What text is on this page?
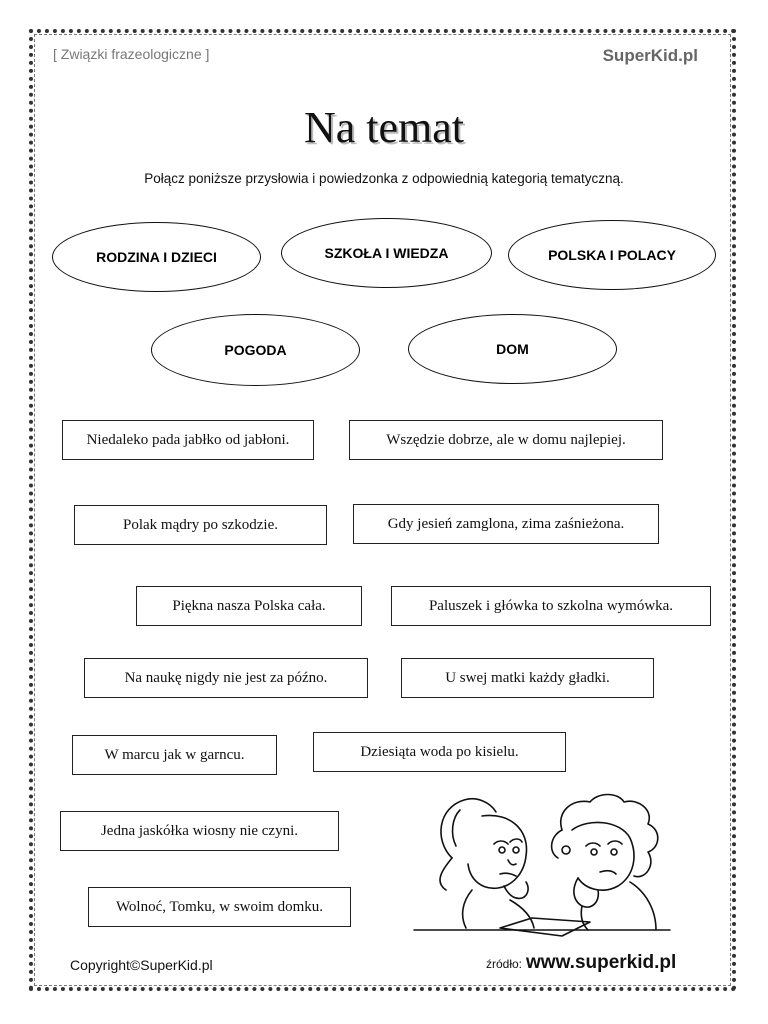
[ Związki frazeologiczne ]	SuperKid.pl
Na temat
Połącz poniższe przysłowia i powiedzonka z odpowiednią kategorią tematyczną.
RODZINA I DZIECI	SZKOŁA I WIEDZA	POLSKA I POLACY
POGODA	DOM
Niedaleko pada jabłko od jabłoni.	Wszędzie dobrze, ale w domu najlepiej.
Polak mądry po szkodzie.	Gdy jesień zamglona, zima zaśnieżona.
Piękna nasza Polska cała.	Paluszek i główka to szkolna wymówka.
Na naukę nigdy nie jest za późno.	U swej matki każdy gładki.
W marcu jak w garncu.	Dziesiąta woda po kisielu.
Jedna jaskółka wiosny nie czyni.
Wolnoć, Tomku, w swoim domku.
Copyright©SuperKid.pl	źródło: www.superkid.pl
